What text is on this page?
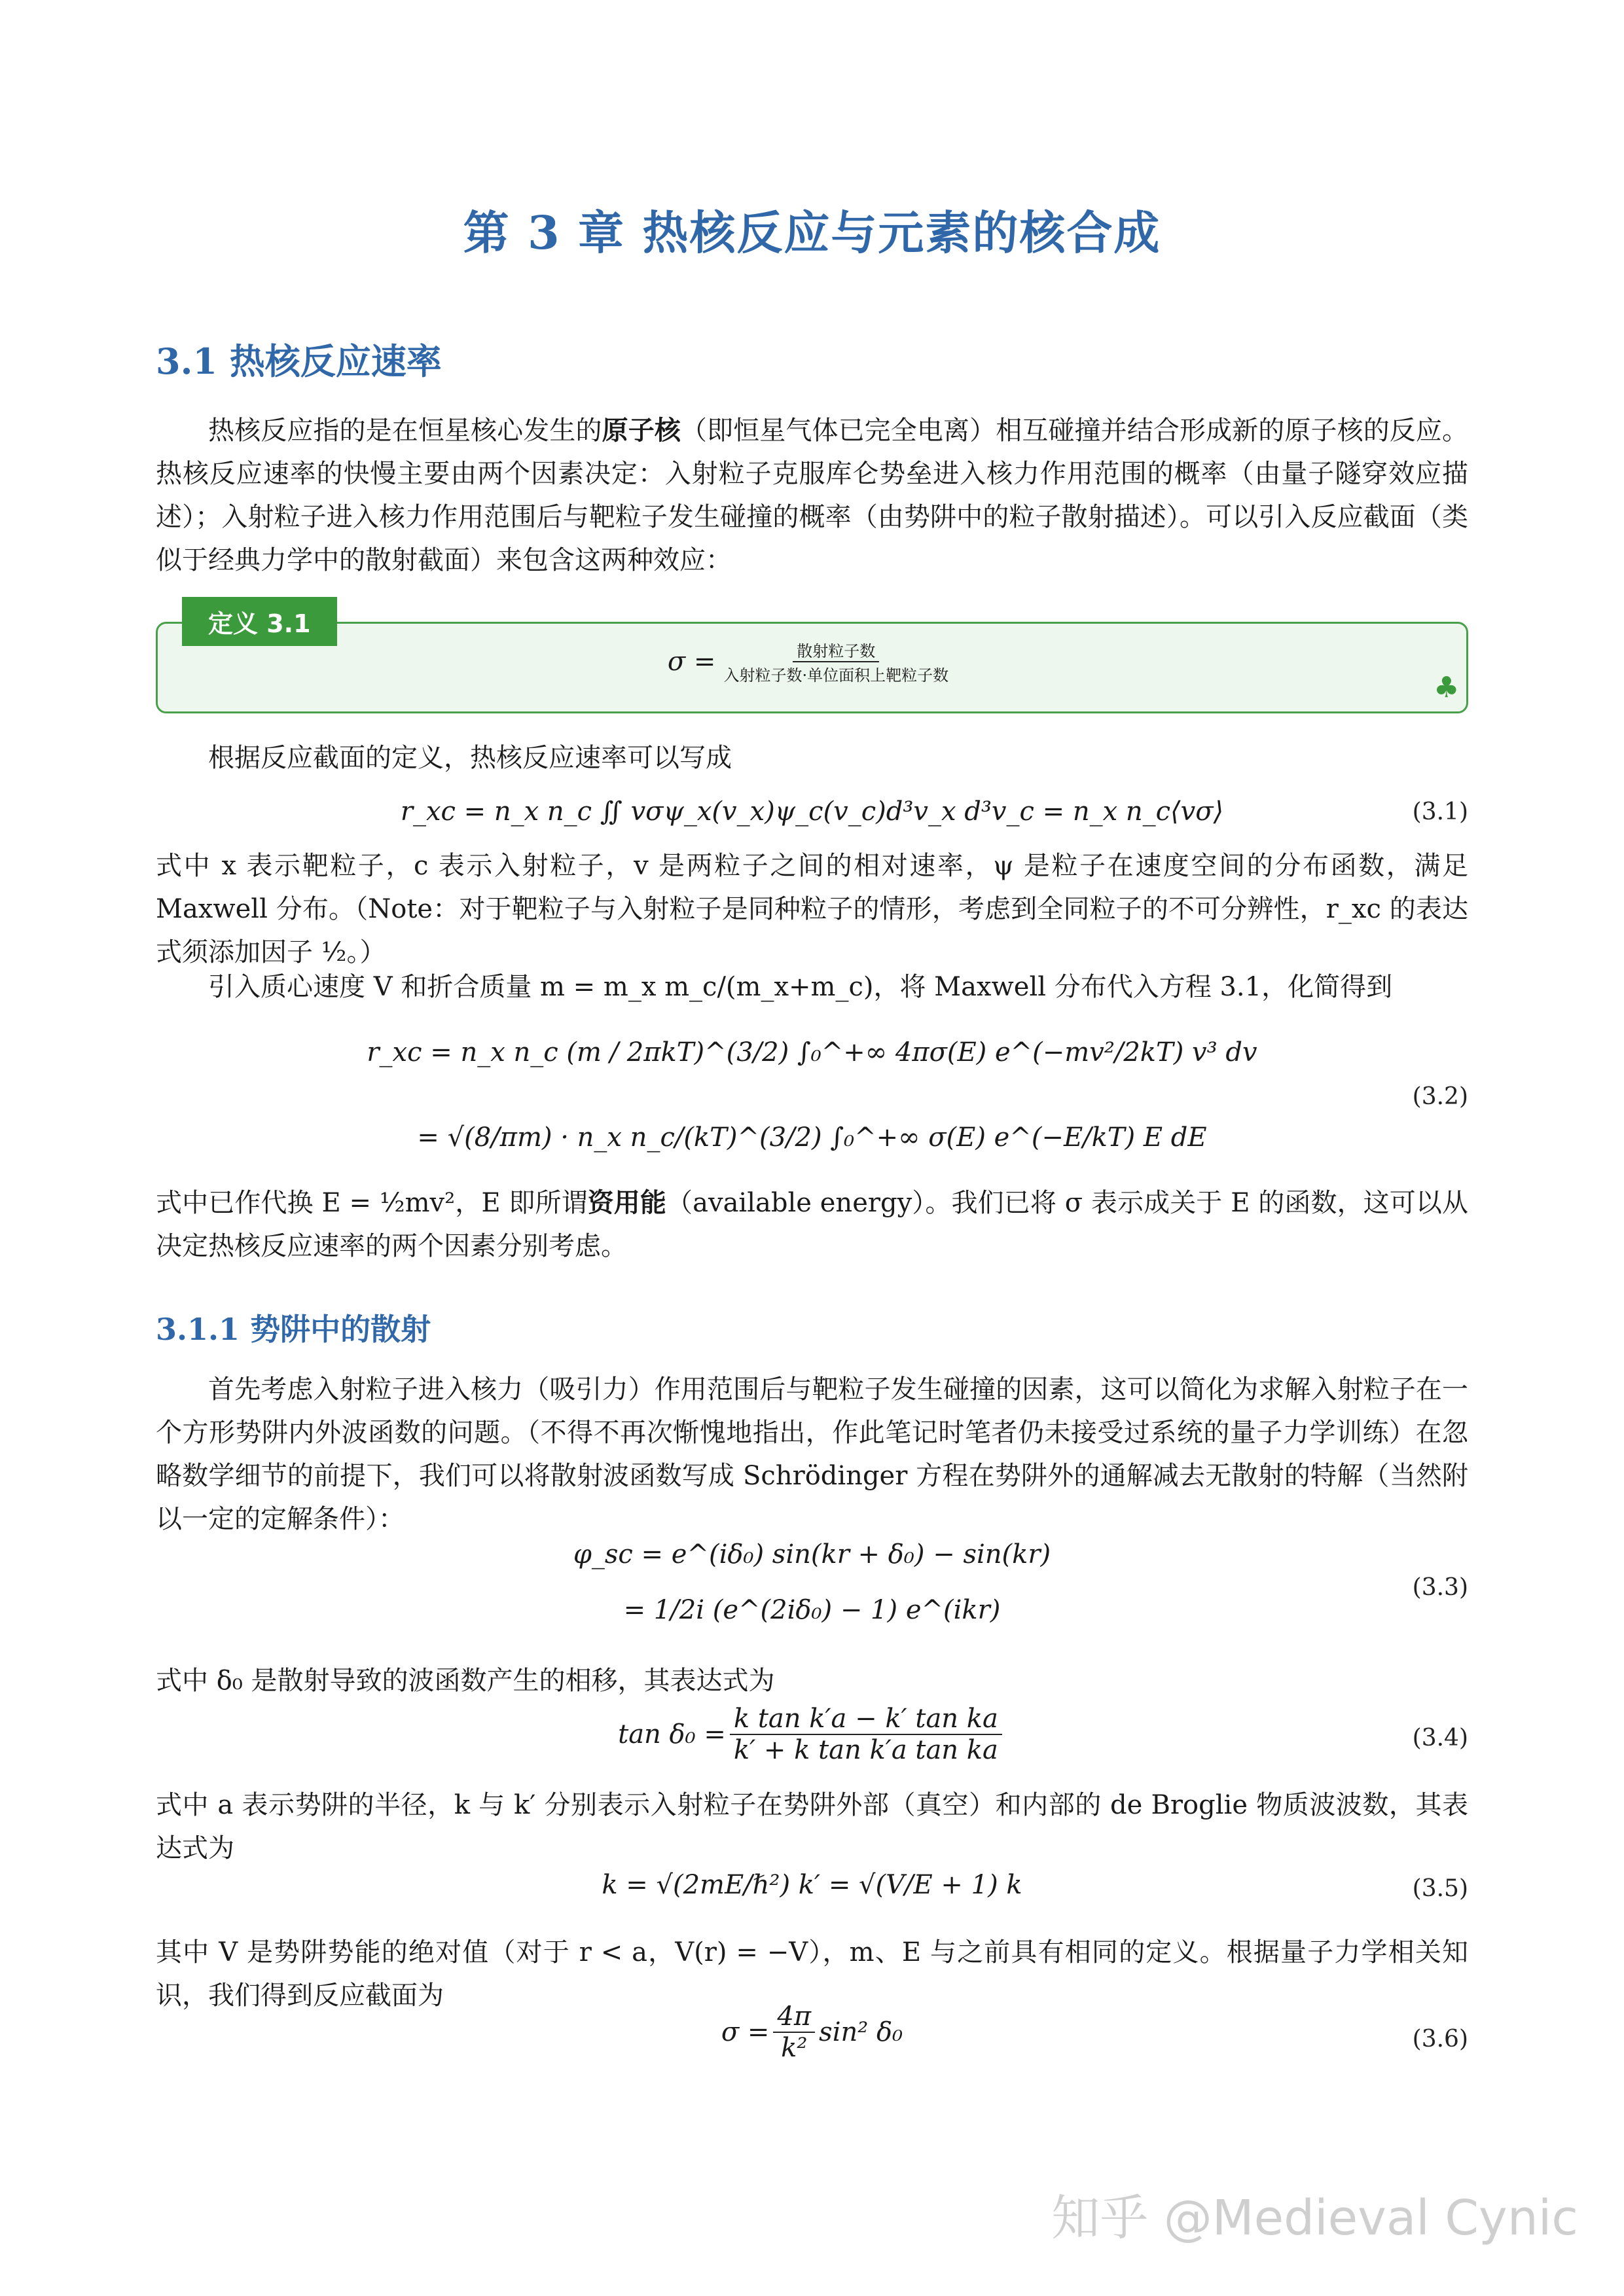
第 3 章 热核反应与元素的核合成
3.1 热核反应速率
热核反应指的是在恒星核心发生的原子核（即恒星气体已完全电离）相互碰撞并结合形成新的原子核的反应。热核反应速率的快慢主要由两个因素决定：入射粒子克服库仑势垒进入核力作用范围的概率（由量子隧穿效应描述）；入射粒子进入核力作用范围后与靶粒子发生碰撞的概率（由势阱中的粒子散射描述）。可以引入反应截面（类似于经典力学中的散射截面）来包含这两种效应：
定义 3.1
$\sigma = \frac{\text{散射粒子数}}{\text{入射粒子数·单位面积上靶粒子数}}$
♣
根据反应截面的定义，热核反应速率可以写成
r_xc = n_x n_c ∬ vσψ_x(v_x)ψ_c(v_c)d³v_x d³v_c = n_x n_c⟨vσ⟩	(3.1)
式中 x 表示靶粒子，c 表示入射粒子，v 是两粒子之间的相对速率，ψ 是粒子在速度空间的分布函数，满足 Maxwell 分布。（Note：对于靶粒子与入射粒子是同种粒子的情形，考虑到全同粒子的不可分辨性，r_xc 的表达式须添加因子 ½。）
引入质心速度 V 和折合质量 m = m_x m_c/(m_x+m_c)，将 Maxwell 分布代入方程 3.1，化简得到
r_xc = n_x n_c (m / 2πkT)^(3/2) ∫₀^+∞ 4πσ(E) e^(−mv²/2kT) v³ dv
= √(8/πm) · n_x n_c/(kT)^(3/2) ∫₀^+∞ σ(E) e^(−E/kT) E dE
(3.2)
式中已作代换 E = ½mv²，E 即所谓资用能（available energy）。我们已将 σ 表示成关于 E 的函数，这可以从决定热核反应速率的两个因素分别考虑。
3.1.1 势阱中的散射
首先考虑入射粒子进入核力（吸引力）作用范围后与靶粒子发生碰撞的因素，这可以简化为求解入射粒子在一个方形势阱内外波函数的问题。（不得不再次惭愧地指出，作此笔记时笔者仍未接受过系统的量子力学训练）在忽略数学细节的前提下，我们可以将散射波函数写成 Schrödinger 方程在势阱外的通解减去无散射的特解（当然附以一定的定解条件）：
φ_sc = e^(iδ₀) sin(kr + δ₀) − sin(kr)
= 1/2i (e^(2iδ₀) − 1) e^(ikr)
(3.3)
式中 δ₀ 是散射导致的波函数产生的相移，其表达式为
$\tan \delta_0 = \frac{\text{k tan k′a − k′ tan ka}}{\text{k′ + k tan k′a tan ka}}$	(3.4)
式中 a 表示势阱的半径，k 与 k′ 分别表示入射粒子在势阱外部（真空）和内部的 de Broglie 物质波波数，其表达式为
k = √(2mE/ℏ²) k′ = √(V/E + 1) k	(3.5)
其中 V 是势阱势能的绝对值（对于 r < a，V(r) = −V），m、E 与之前具有相同的定义。根据量子力学相关知识，我们得到反应截面为
$\sigma = \frac{4\pi}{\text{k²}} \sin^2$ δ₀	(3.6)
知乎 @Medieval Cynic
